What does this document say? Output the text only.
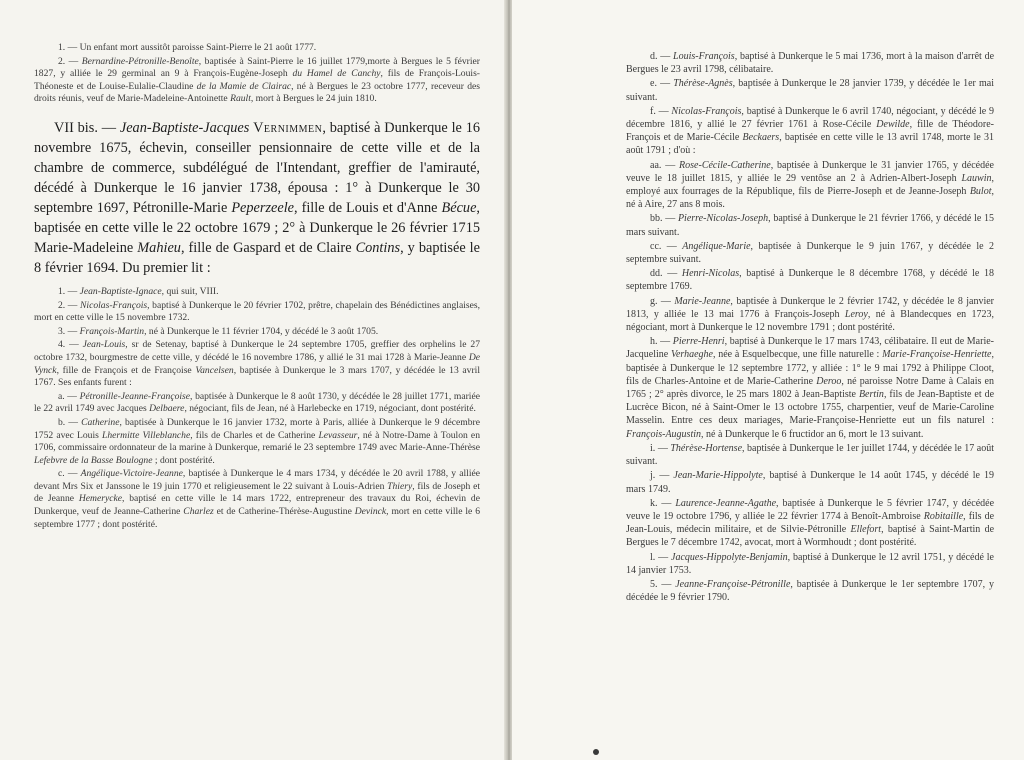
1. — Un enfant mort aussitôt paroisse Saint-Pierre le 21 août 1777.

2. — Bernardine-Pétronille-Benoîte, baptisée à Saint-Pierre le 16 juillet 1779,morte à Bergues le 5 février 1827, y alliée le 29 germinal an 9 à François-Eugène-Joseph du Hamel de Canchy, fils de François-Louis-Théoneste et de Louise-Eulalie-Claudine de la Mamie de Clairac, né à Bergues le 23 octobre 1777, receveur des droits réunis, veuf de Marie-Madeleine-Antoinette Rault, mort à Bergues le 24 juin 1810.

VII bis. — Jean-Baptiste-Jacques Vernimmen, baptisé à Dunkerque le 16 novembre 1675, échevin, conseiller pensionnaire de cette ville et de la chambre de commerce, subdélégué de l'Intendant, greffier de l'amirauté, décédé à Dunkerque le 16 janvier 1738, épousa : 1° à Dunkerque le 30 septembre 1697, Pétronille-Marie Peperzeele, fille de Louis et d'Anne Bécue, baptisée en cette ville le 22 octobre 1679 ; 2° à Dunkerque le 26 février 1715 Marie-Madeleine Mahieu, fille de Gaspard et de Claire Contins, y baptisée le 8 février 1694. Du premier lit :

1. — Jean-Baptiste-Ignace, qui suit, VIII.

2. — Nicolas-François, baptisé à Dunkerque le 20 février 1702, prêtre, chapelain des Bénédictines anglaises, mort en cette ville le 15 novembre 1732.

3. — François-Martin, né à Dunkerque le 11 février 1704, y décédé le 3 août 1705.

4. — Jean-Louis, sr de Setenay, baptisé à Dunkerque le 24 septembre 1705, greffier des orphelins le 27 octobre 1732, bourgmestre de cette ville, y décédé le 16 novembre 1786, y allié le 31 mai 1728 à Marie-Jeanne De Vynck, fille de François et de Françoise Vancelsen, baptisée à Dunkerque le 3 mars 1707, y décédée le 13 avril 1767. Ses enfants furent :

a. — Pétronille-Jeanne-Françoise, baptisée à Dunkerque le 8 août 1730, y décédée le 28 juillet 1771, mariée le 22 avril 1749 avec Jacques Delbaere, négociant, fils de Jean, né à Harlebecke en 1719, négociant, dont postérité.

b. — Catherine, baptisée à Dunkerque le 16 janvier 1732, morte à Paris, alliée à Dunkerque le 9 décembre 1752 avec Louis Lhermitte Villeblanche, fils de Charles et de Catherine Levasseur, né à Notre-Dame à Toulon en 1706, commissaire ordonnateur de la marine à Dunkerque, remarié le 23 septembre 1749 avec Marie-Anne-Thérèse Lefebvre de la Basse Boulogne ; dont postérité.

c. — Angélique-Victoire-Jeanne, baptisée à Dunkerque le 4 mars 1734, y décédée le 20 avril 1788, y alliée devant Mrs Six et Janssone le 19 juin 1770 et religieusement le 22 suivant à Louis-Adrien Thiery, fils de Joseph et de Jeanne Hemerycke, baptisé en cette ville le 14 mars 1722, entrepreneur des travaux du Roi, échevin de Dunkerque, veuf de Jeanne-Catherine Charlez et de Catherine-Thérèse-Augustine Devinck, mort en cette ville le 6 septembre 1777 ; dont postérité.

d. — Louis-François, baptisé à Dunkerque le 5 mai 1736, mort à la maison d'arrêt de Bergues le 23 avril 1798, célibataire.

e. — Thérèse-Agnès, baptisée à Dunkerque le 28 janvier 1739, y décédée le 1er mai suivant.

f. — Nicolas-François, baptisé à Dunkerque le 6 avril 1740, négociant, y décédé le 9 décembre 1816, y allié le 27 février 1761 à Rose-Cécile Dewilde, fille de Théodore-François et de Marie-Cécile Beckaers, baptisée en cette ville le 13 avril 1748, morte le 31 août 1791 ; d'où :

aa. — Rose-Cécile-Catherine, baptisée à Dunkerque le 31 janvier 1765, y décédée veuve le 18 juillet 1815, y alliée le 29 ventôse an 2 à Adrien-Albert-Joseph Lauwin, employé aux fourrages de la République, fils de Pierre-Joseph et de Jeanne-Joseph Bulot, né à Aire, 27 ans 8 mois.

bb. — Pierre-Nicolas-Joseph, baptisé à Dunkerque le 21 février 1766, y décédé le 15 mars suivant.

cc. — Angélique-Marie, baptisée à Dunkerque le 9 juin 1767, y décédée le 2 septembre suivant.

dd. — Henri-Nicolas, baptisé à Dunkerque le 8 décembre 1768, y décédé le 18 septembre 1769.

g. — Marie-Jeanne, baptisée à Dunkerque le 2 février 1742, y décédée le 8 janvier 1813, y alliée le 13 mai 1776 à François-Joseph Leroy, né à Blandecques en 1723, négociant, mort à Dunkerque le 12 novembre 1791 ; dont postérité.

h. — Pierre-Henri, baptisé à Dunkerque le 17 mars 1743, célibataire. Il eut de Marie-Jacqueline Verhaeghe, née à Esquelbecque, une fille naturelle : Marie-Françoise-Henriette, baptisée à Dunkerque le 12 septembre 1772, y alliée : 1° le 9 mai 1792 à Philippe Cloot, fils de Charles-Antoine et de Marie-Catherine Deroo, né paroisse Notre Dame à Calais en 1765 ; 2° après divorce, le 25 mars 1802 à Jean-Baptiste Bertin, fils de Jean-Baptiste et de Lucrèce Bicon, né à Saint-Omer le 13 octobre 1755, charpentier, veuf de Marie-Caroline Masselin. Entre ces deux mariages, Marie-Françoise-Henriette eut un fils naturel : François-Augustin, né à Dunkerque le 6 fructidor an 6, mort le 13 suivant.

i. — Thérèse-Hortense, baptisée à Dunkerque le 1er juillet 1744, y décédée le 17 août suivant.

j. — Jean-Marie-Hippolyte, baptisé à Dunkerque le 14 août 1745, y décédé le 19 mars 1749.

k. — Laurence-Jeanne-Agathe, baptisée à Dunkerque le 5 février 1747, y décédée veuve le 19 octobre 1796, y alliée le 22 février 1774 à Benoît-Ambroise Robitaille, fils de Jean-Louis, médecin militaire, et de Silvie-Pétronille Ellefort, baptisé à Saint-Martin de Bergues le 7 décembre 1742, avocat, mort à Wormhoudt ; dont postérité.

l. — Jacques-Hippolyte-Benjamin, baptisé à Dunkerque le 12 avril 1751, y décédé le 14 janvier 1753.

5. — Jeanne-Françoise-Pétronille, baptisée à Dunkerque le 1er septembre 1707, y décédée le 9 février 1790.
